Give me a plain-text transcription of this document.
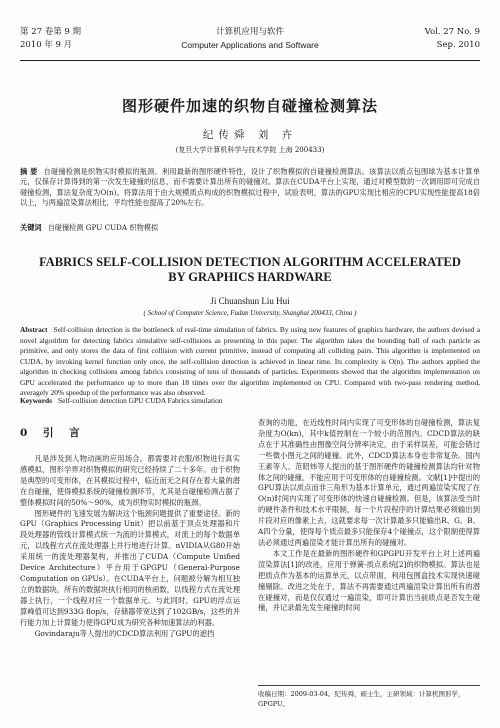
第 27 卷第 9 期
2010 年 9 月
计算机应用与软件
Computer Applications and Software
Vol. 27 No. 9
Sep. 2010
图形硬件加速的织物自碰撞检测算法
纪传舜 刘 卉
(复旦大学计算机科学与技术学院 上海 200433)
摘 要 自碰撞检测是织物实时模拟的瓶颈。利用最新的图形硬件特性，设计了织物模拟的自碰撞检测算法。该算法以质点包围球为基本计算单元，仅保存计算得到的第一次发生碰撞的信息，而不需要计算出所有的碰撞对。算法在CUDA平台上实现，通过对模型数的一次调用即可完成自碰撞检测，算法复杂度为O(n)。将算法用于由大规模质点构成的织物模拟过程中，试验表明，算法的GPU实现比相应的CPU实现性能提高18倍以上，与两遍渲染算法相比，平均性能也提高了20%左右。
关键词 自碰撞检测 GPU CUDA 织物模拟
FABRICS SELF-COLLISION DETECTION ALGORITHM ACCELERATED
BY GRAPHICS HARDWARE
Ji Chuanshun Liu Hui
( School of Computer Science, Fudan University, Shanghai 200433, China )
Abstract Self-collision detection is the bottleneck of real-time simulation of fabrics. By using new features of graphics hardware, the authors devised a novel algorithm for detecting fabrics simulative self-collisions as presenting in this paper. The algorithm takes the bounding ball of each particle as primitive, and only stores the data of first collision with current primitive, instead of computing all colliding pairs. This algorithm is implemented on CUDA, by invoking kernel function only once, the self-collision detection is achieved in linear time. Its complexity is O(n). The authors applied the algorithm in checking collisions among fabrics consisting of tens of thousands of particles. Experiments showed that the algorithm implementation on GPU accelerated the performance up to more than 18 times over the algorithm implemented on CPU. Compared with two-pass rendering method, averagely 20% speedup of the performance was also observed.
Keywords Self-collision detection GPU CUDA Fabrics simulation
0 引 言

凡是涉及到人物动画的应用场合，都需要对衣服/织物进行真实感模拟，图形学界对织物模拟的研究已经持续了二十多年。由于织物是典型的可变形体，在其模拟过程中，临近而无之间存在着大量的潜在自碰撞，使得模拟系统的碰撞检测环节，尤其是自碰撞检测占据了整体模拟时间的50%～90%，成为织物实时模拟的瓶颈。

图形硬件的飞速发展为解决这个瓶颈问题提供了重要途径。新的GPU（Graphics Processing Unit）把以前基于顶点处理器和片段处理器的管线计算模式统一为流的计算模式，对流上的每个数据单元，以线程方式在流处理器上并行地进行计算。nVIDIA从G80开始采用统一的流处理器架构，并推出了CUDA（Compute Unified Device Architecture）平台用于GPGPU（General-Purpose Computation on GPUs）。在CUDA平台上，问题被分解为相互独立的数据块，所有的数据块执行相同的核函数，以线程方式在流处理器上执行，一个线程对应一个数据单元。与此同时，GPU的浮点运算峰值可达到933G flop/s，存储器带宽达到了102GB/s，这些的并行能力加上计算能力使得GPU成为研究各种加速算法的利器。

Govindaraju等人提出的CDCD算法利用了GPU的遮挡

查询的功能，在近线性时间内实现了可变形体的自碰撞检测，算法复杂度为O(kn)，其中k值控制在一个较小的范围内。CDCD算法的缺点在于其准确性由图像空间分辨率决定，由于采样误差，可能会错过一些微小图元之间的碰撞。此外，CDCD算法本身也非常复杂。国内王素等人、范昭炜等人提出的基于图形硬件的碰撞检测算法均针对物体之间的碰撞，不能应用于可变形体的自碰撞检测。文献[1]中提出的GPU算法以质点而非三角形为基本计算单元，通过两遍渲染实现了在O(n)时间内实现了可变形体的快速自碰撞检测。但是，该算法受当时的硬件条件和技术水平限制，每一个片段程序的计算结果必须输出到片段对应的像素上去，这就要求每一次计算最多只能输出R、G、B、A四个分量，使得每个质点最多只能保存4个碰撞点，这个限制使得算法必须通过两遍渲染才能计算出所有的碰撞对。

本文工作是在最新的图形硬件和GPGPU开发平台上对上述两遍渲染算法[1]的改进，应用于弹簧-质点系统[2]的织物模拟。算法也是把质点作为基本的运算单元，以点带面，利用包围盒技术实现快速碰撞剔除。改进之处在于，算法不再需要通过两遍渲染计算出所有的潜在碰撞对，而是仅仅通过一遍渲染，即可计算出当前质点是否发生碰撞，并记录最先发生碰撞的时间

收稿日期：2009-03-04。纪传舜，硕士生，主研领域：计算机图形学，GPGPU。
